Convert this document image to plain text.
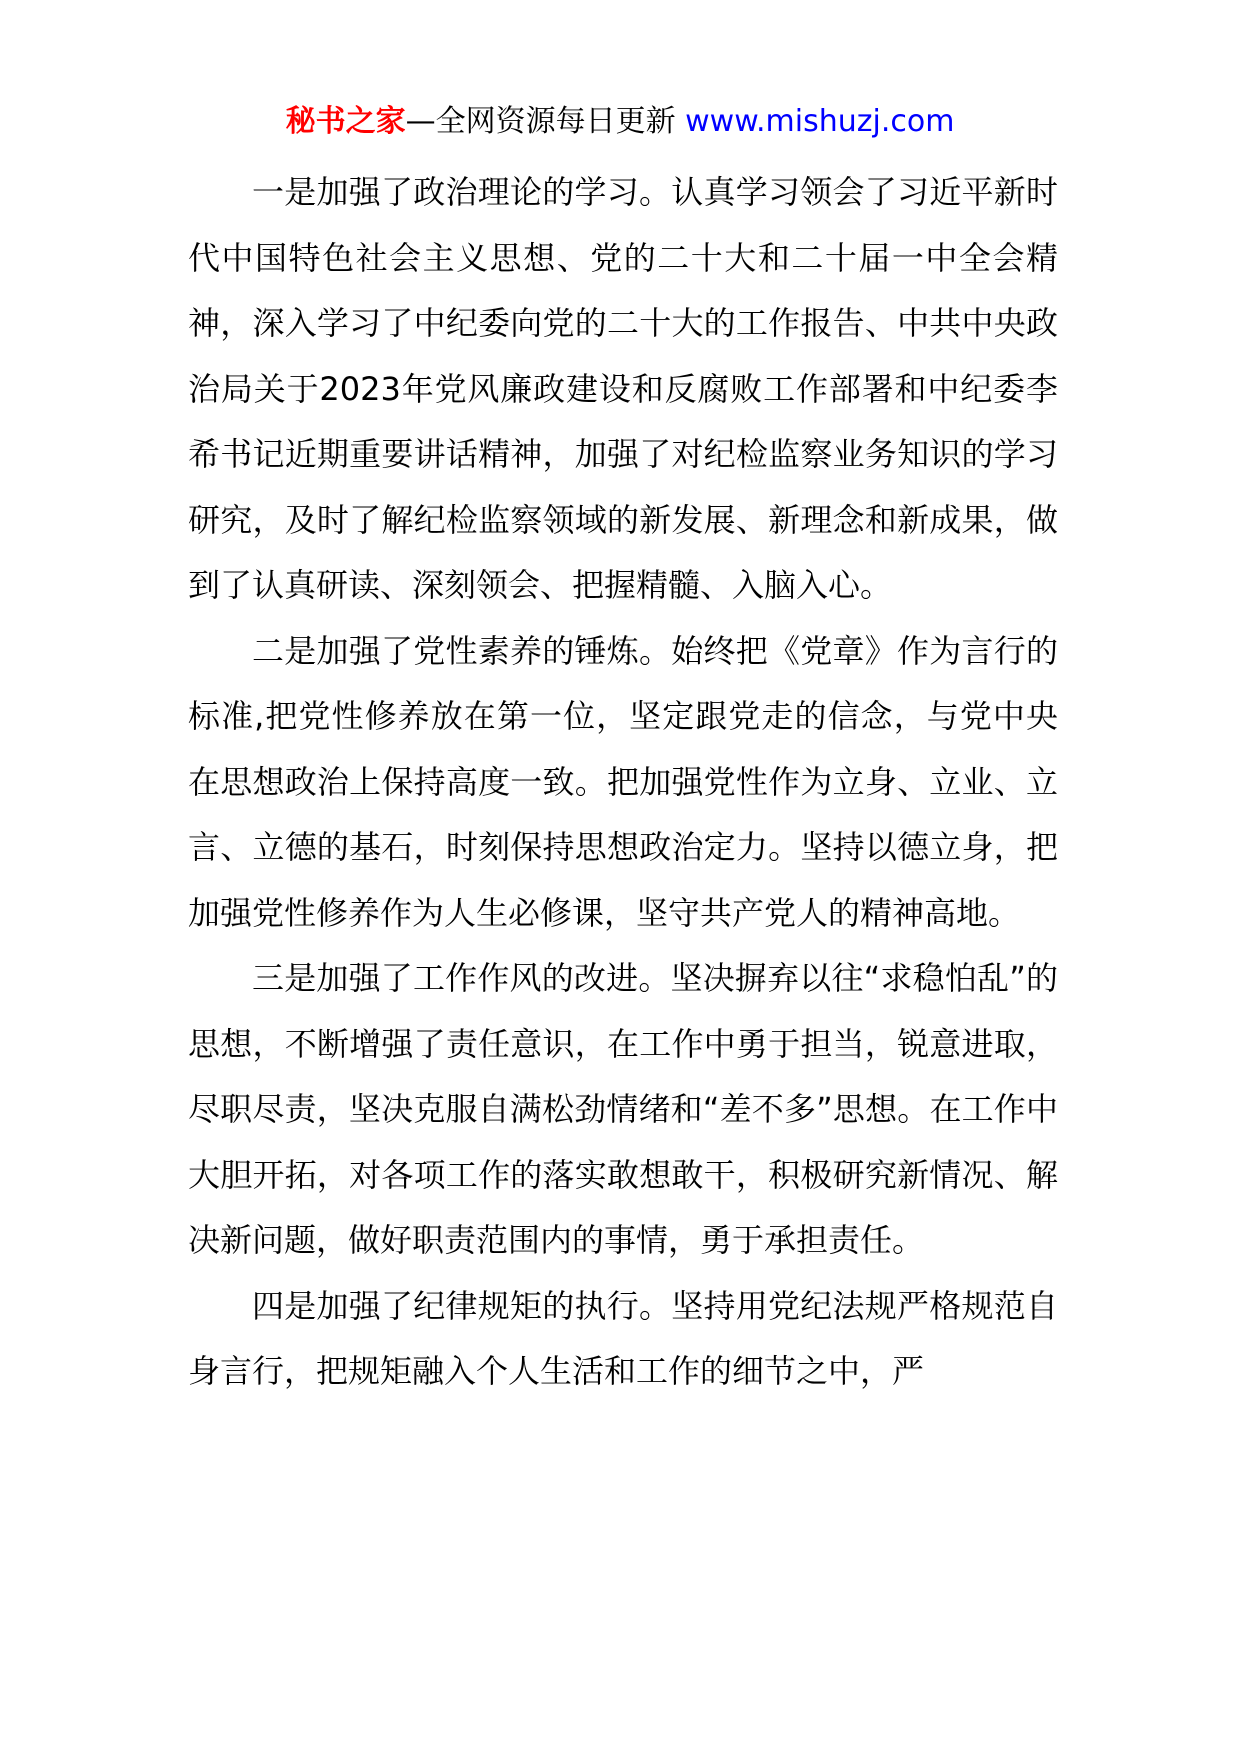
秘书之家—全网资源每日更新 www.mishuzj.com

一是加强了政治理论的学习。认真学习领会了习近平新时代中国特色社会主义思想、党的二十大和二十届一中全会精神，深入学习了中纪委向党的二十大的工作报告、中共中央政治局关于2023年党风廉政建设和反腐败工作部署和中纪委李希书记近期重要讲话精神，加强了对纪检监察业务知识的学习研究，及时了解纪检监察领域的新发展、新理念和新成果，做到了认真研读、深刻领会、把握精髓、入脑入心。

二是加强了党性素养的锤炼。始终把《党章》作为言行的标准,把党性修养放在第一位，坚定跟党走的信念，与党中央在思想政治上保持高度一致。把加强党性作为立身、立业、立言、立德的基石，时刻保持思想政治定力。坚持以德立身，把加强党性修养作为人生必修课，坚守共产党人的精神高地。

三是加强了工作作风的改进。坚决摒弃以往“求稳怕乱”的思想，不断增强了责任意识，在工作中勇于担当，锐意进取，尽职尽责，坚决克服自满松劲情绪和“差不多”思想。在工作中大胆开拓，对各项工作的落实敢想敢干，积极研究新情况、解决新问题，做好职责范围内的事情，勇于承担责任。

四是加强了纪律规矩的执行。坚持用党纪法规严格规范自身言行，把规矩融入个人生活和工作的细节之中，严
